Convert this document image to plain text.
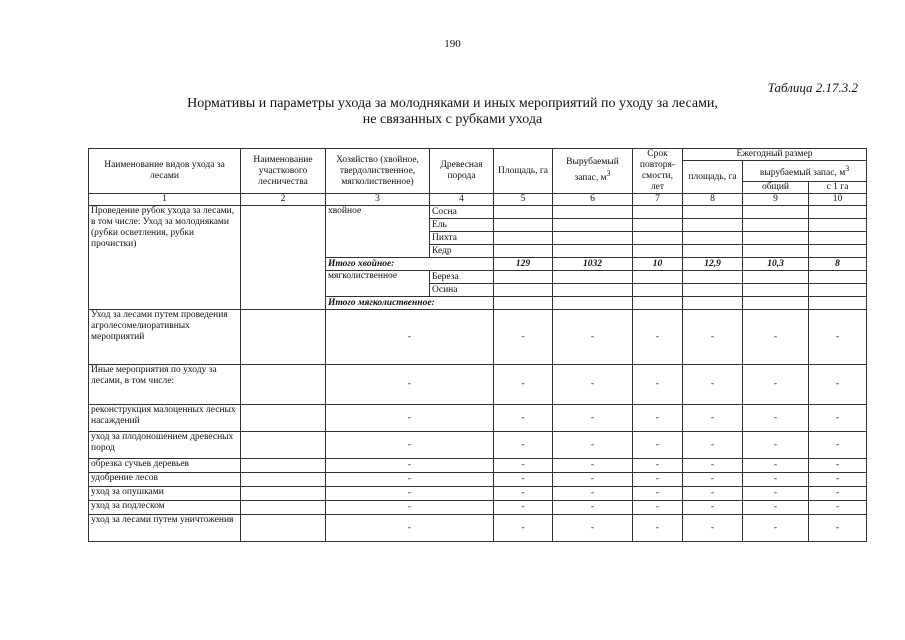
190
Таблица 2.17.3.2
Нормативы и параметры ухода за молодняками и иных мероприятий по уходу за лесами,
не связанных с рубками ухода
Наименование видов ухода за лесами	Наименование участкового лесничества	Хозяйство (хвойное, твердолиственное, мягколиственное)	Древесная порода	Площадь, га	Вырубаемый запас, $м^3$	Срок повторя-смости, лет	Ежегодный размер		
							площадь, га	вырубаемый запас, $м^3$
								общий	с 1 га
1	2	3	4	5	6	7	8	9	10
Проведение рубок ухода за лесами, в том числе: Уход за молодняками (рубки осветления, рубки прочистки)		хвойное	Сосна						
			Ель						
			Пихта						
			Кедр						
		Итого хвойное:		129	1032	10	12,9	10,3	8
		мягколиственное	Береза						
			Осина						
		Итого мягколиственное:							
Уход за лесами путем проведения агролесомелиоративных мероприятий		-		-	-	-	-	-	-
Иные мероприятия по уходу за лесами, в том числе:		-		-	-	-	-	-	-
реконструкция малоценных лесных насаждений		-		-	-	-	-	-	-
уход за плодоношением древесных пород		-		-	-	-	-	-	-
обрезка сучьев деревьев		-		-	-	-	-	-	-
удобрение лесов		-		-	-	-	-	-	-
уход за опушками		-		-	-	-	-	-	-
уход за подлеском		-		-	-	-	-	-	-
уход за лесами путем уничтожения		-		-	-	-	-	-	-
